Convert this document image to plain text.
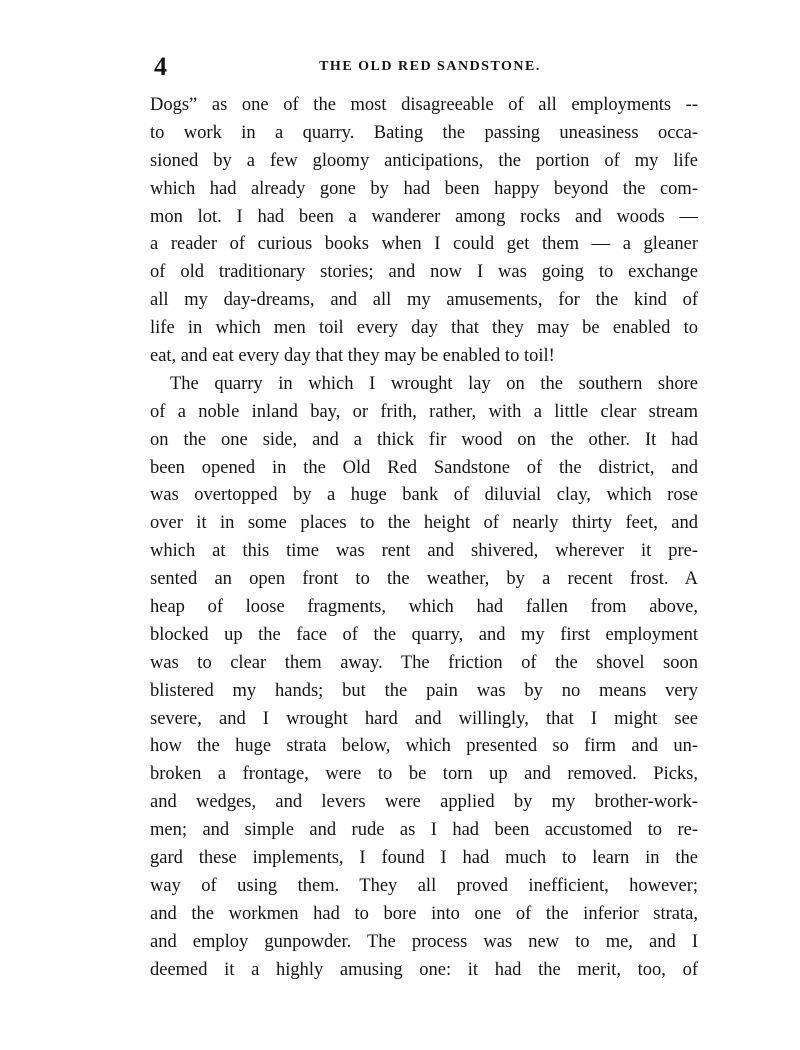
4	THE OLD RED SANDSTONE.
Dogs” as one of the most disagreeable of all employments --
to work in a quarry. Bating the passing uneasiness occa-
sioned by a few gloomy anticipations, the portion of my life
which had already gone by had been happy beyond the com-
mon lot. I had been a wanderer among rocks and woods —
a reader of curious books when I could get them — a gleaner
of old traditionary stories; and now I was going to exchange
all my day-dreams, and all my amusements, for the kind of
life in which men toil every day that they may be enabled to
eat, and eat every day that they may be enabled to toil!
The quarry in which I wrought lay on the southern shore
of a noble inland bay, or frith, rather, with a little clear stream
on the one side, and a thick fir wood on the other. It had
been opened in the Old Red Sandstone of the district, and
was overtopped by a huge bank of diluvial clay, which rose
over it in some places to the height of nearly thirty feet, and
which at this time was rent and shivered, wherever it pre-
sented an open front to the weather, by a recent frost. A
heap of loose fragments, which had fallen from above,
blocked up the face of the quarry, and my first employment
was to clear them away. The friction of the shovel soon
blistered my hands; but the pain was by no means very
severe, and I wrought hard and willingly, that I might see
how the huge strata below, which presented so firm and un-
broken a frontage, were to be torn up and removed. Picks,
and wedges, and levers were applied by my brother-work-
men; and simple and rude as I had been accustomed to re-
gard these implements, I found I had much to learn in the
way of using them. They all proved inefficient, however;
and the workmen had to bore into one of the inferior strata,
and employ gunpowder. The process was new to me, and I
deemed it a highly amusing one: it had the merit, too, of
